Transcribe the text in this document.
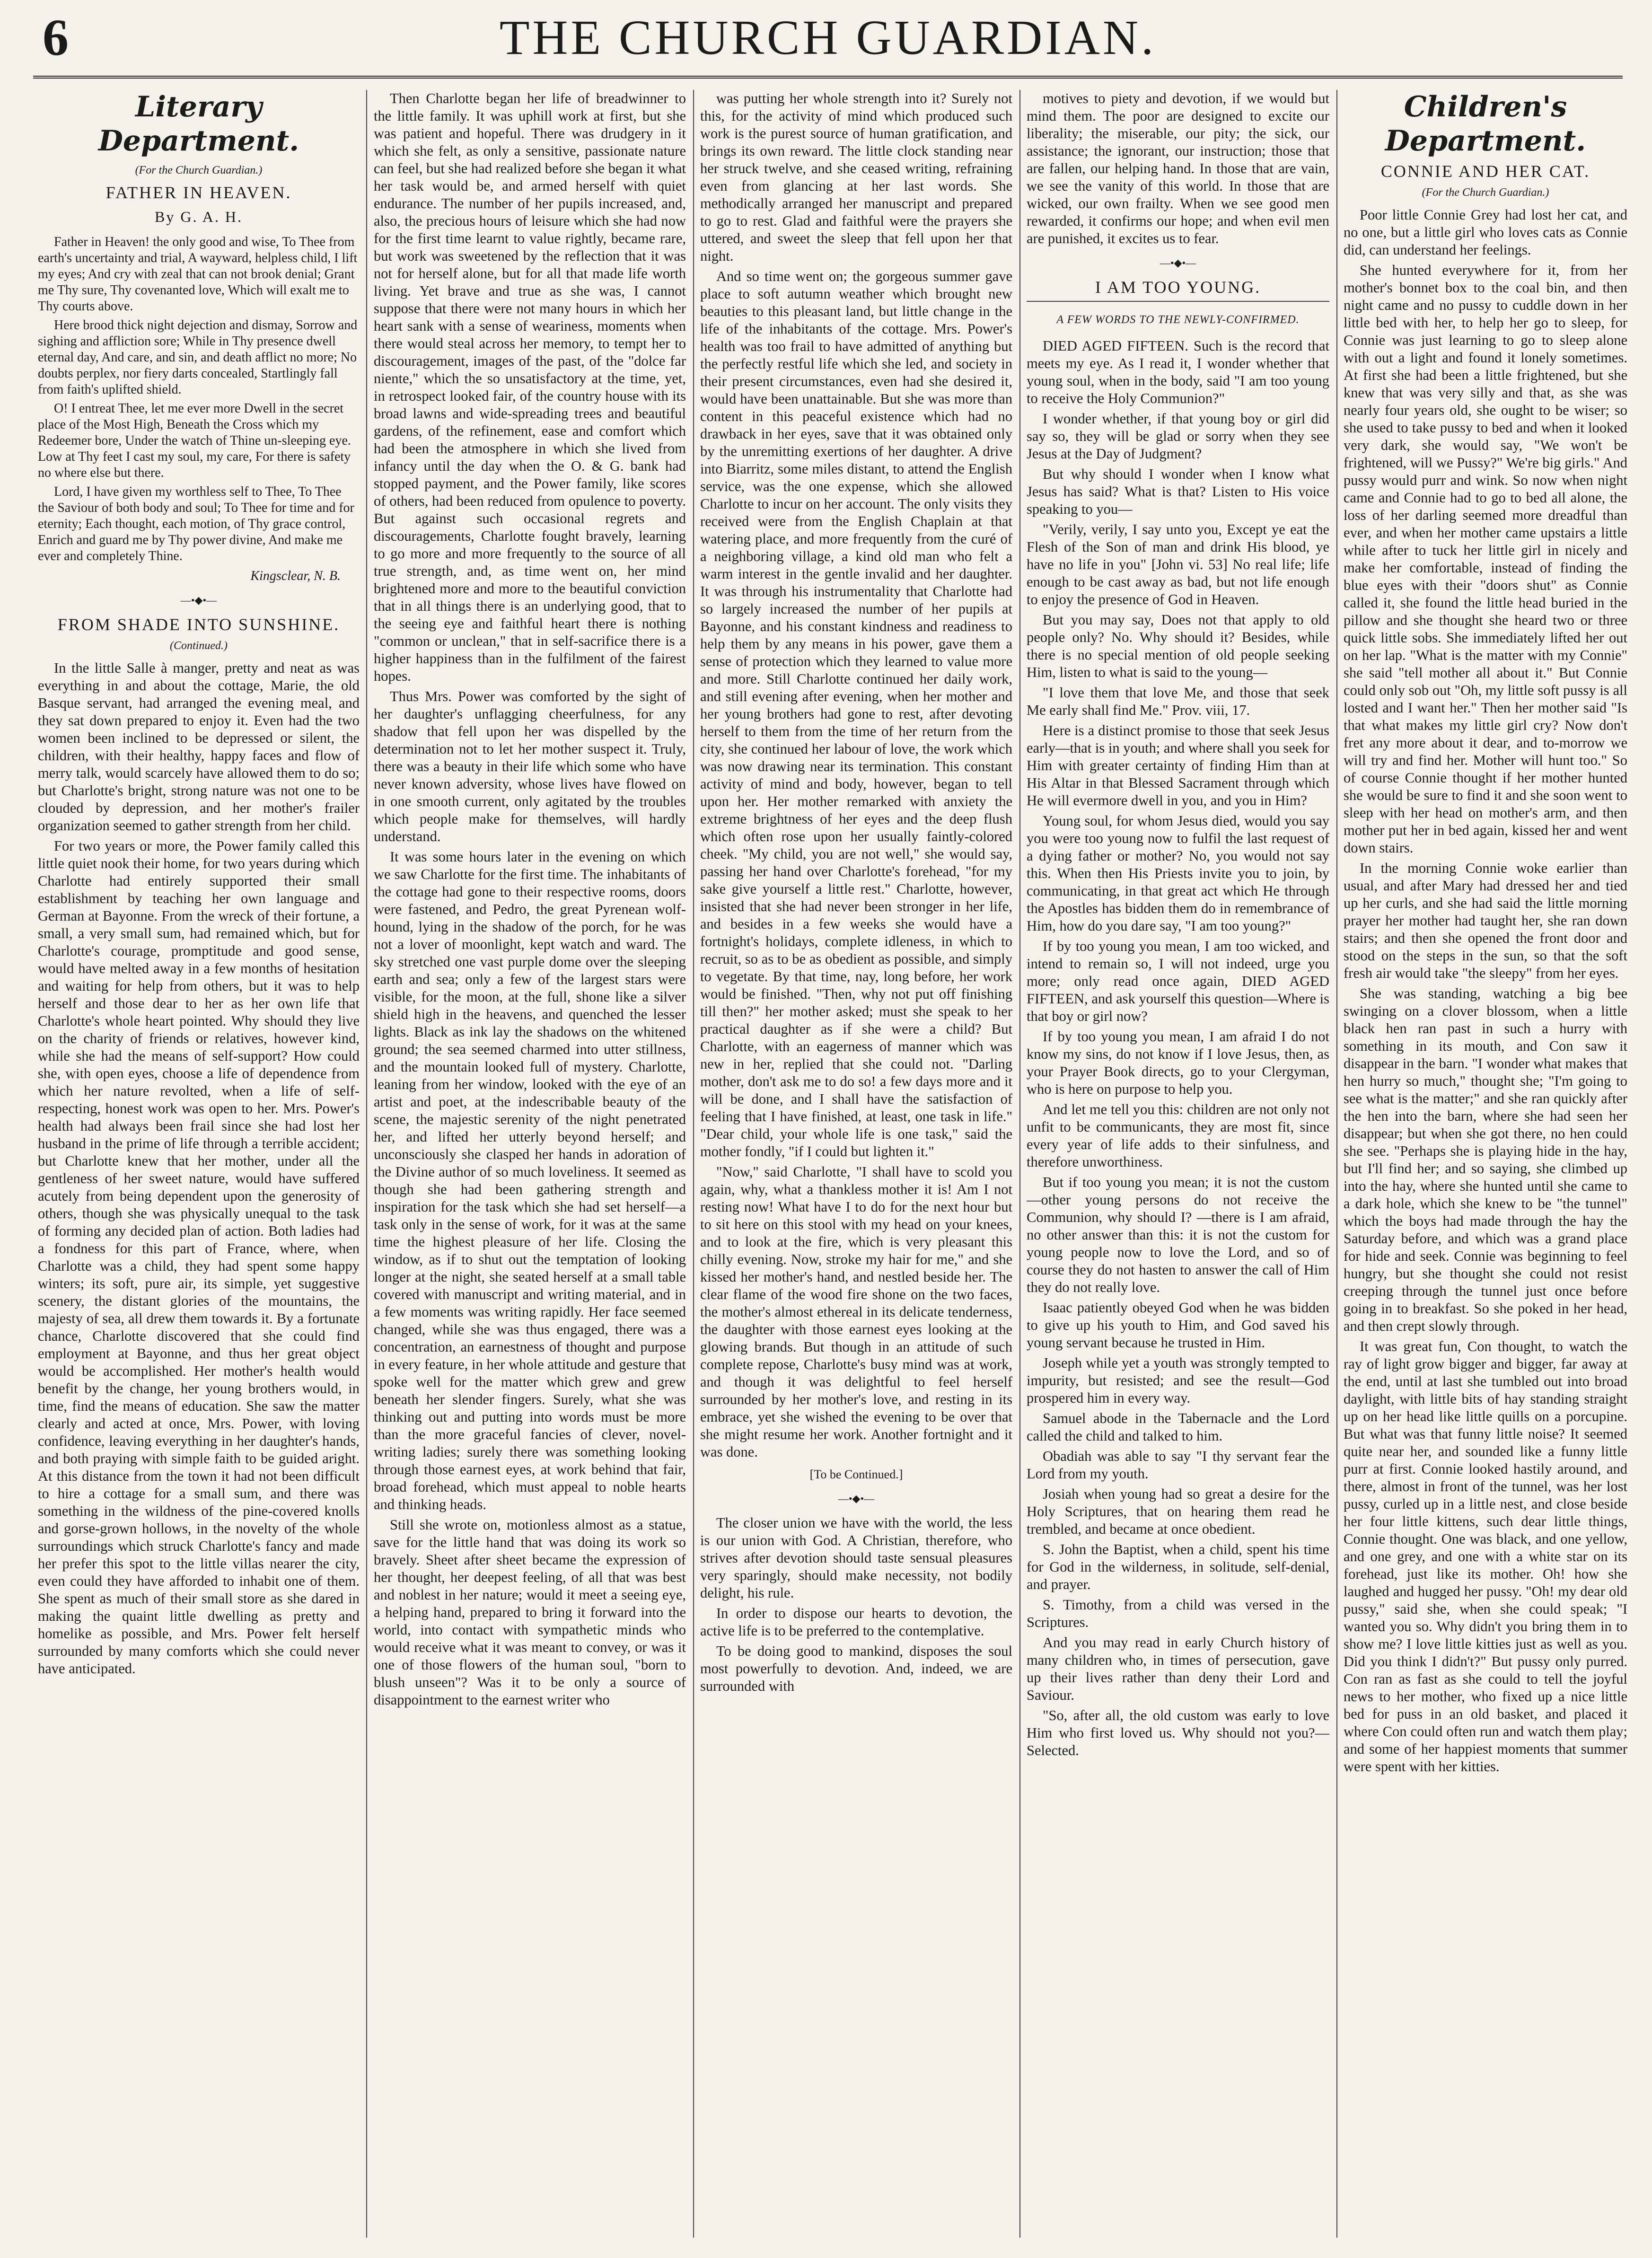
6	THE CHURCH GUARDIAN.
Literary Department.
(For the Church Guardian.)
FATHER IN HEAVEN.
By G. A. H.

Father in Heaven! the only good and wise, To Thee from earth's uncertainty and trial, A wayward, helpless child, I lift my eyes; And cry with zeal that can not brook denial; Grant me Thy sure, Thy covenanted love, Which will exalt me to Thy courts above.

Here brood thick night dejection and dismay, Sorrow and sighing and affliction sore; While in Thy presence dwell eternal day, And care, and sin, and death afflict no more; No doubts perplex, nor fiery darts concealed, Startlingly fall from faith's uplifted shield.

O! I entreat Thee, let me ever more Dwell in the secret place of the Most High, Beneath the Cross which my Redeemer bore, Under the watch of Thine un-sleeping eye. Low at Thy feet I cast my soul, my care, For there is safety no where else but there.

Lord, I have given my worthless self to Thee, To Thee the Saviour of both body and soul; To Thee for time and for eternity; Each thought, each motion, of Thy grace control, Enrich and guard me by Thy power divine, And make me ever and completely Thine.

Kingsclear, N. B.
—•◆•—
FROM SHADE INTO SUNSHINE.
(Continued.)

In the little Salle à manger, pretty and neat as was everything in and about the cottage, Marie, the old Basque servant, had arranged the evening meal, and they sat down prepared to enjoy it. Even had the two women been inclined to be depressed or silent, the children, with their healthy, happy faces and flow of merry talk, would scarcely have allowed them to do so; but Charlotte's bright, strong nature was not one to be clouded by depression, and her mother's frailer organization seemed to gather strength from her child.

For two years or more, the Power family called this little quiet nook their home, for two years during which Charlotte had entirely supported their small establishment by teaching her own language and German at Bayonne. From the wreck of their fortune, a small, a very small sum, had remained which, but for Charlotte's courage, promptitude and good sense, would have melted away in a few months of hesitation and waiting for help from others, but it was to help herself and those dear to her as her own life that Charlotte's whole heart pointed. Why should they live on the charity of friends or relatives, however kind, while she had the means of self-support? How could she, with open eyes, choose a life of dependence from which her nature revolted, when a life of self-respecting, honest work was open to her. Mrs. Power's health had always been frail since she had lost her husband in the prime of life through a terrible accident; but Charlotte knew that her mother, under all the gentleness of her sweet nature, would have suffered acutely from being dependent upon the generosity of others, though she was physically unequal to the task of forming any decided plan of action. Both ladies had a fondness for this part of France, where, when Charlotte was a child, they had spent some happy winters; its soft, pure air, its simple, yet suggestive scenery, the distant glories of the mountains, the majesty of sea, all drew them towards it. By a fortunate chance, Charlotte discovered that she could find employment at Bayonne, and thus her great object would be accomplished. Her mother's health would benefit by the change, her young brothers would, in time, find the means of education. She saw the matter clearly and acted at once, Mrs. Power, with loving confidence, leaving everything in her daughter's hands, and both praying with simple faith to be guided aright. At this distance from the town it had not been difficult to hire a cottage for a small sum, and there was something in the wildness of the pine-covered knolls and gorse-grown hollows, in the novelty of the whole surroundings which struck Charlotte's fancy and made her prefer this spot to the little villas nearer the city, even could they have afforded to inhabit one of them. She spent as much of their small store as she dared in making the quaint little dwelling as pretty and homelike as possible, and Mrs. Power felt herself surrounded by many comforts which she could never have anticipated.

Then Charlotte began her life of breadwinner to the little family. It was uphill work at first, but she was patient and hopeful. There was drudgery in it which she felt, as only a sensitive, passionate nature can feel, but she had realized before she began it what her task would be, and armed herself with quiet endurance. The number of her pupils increased, and, also, the precious hours of leisure which she had now for the first time learnt to value rightly, became rare, but work was sweetened by the reflection that it was not for herself alone, but for all that made life worth living. Yet brave and true as she was, I cannot suppose that there were not many hours in which her heart sank with a sense of weariness, moments when there would steal across her memory, to tempt her to discouragement, images of the past, of the "dolce far niente," which the so unsatisfactory at the time, yet, in retrospect looked fair, of the country house with its broad lawns and wide-spreading trees and beautiful gardens, of the refinement, ease and comfort which had been the atmosphere in which she lived from infancy until the day when the O. & G. bank had stopped payment, and the Power family, like scores of others, had been reduced from opulence to poverty. But against such occasional regrets and discouragements, Charlotte fought bravely, learning to go more and more frequently to the source of all true strength, and, as time went on, her mind brightened more and more to the beautiful conviction that in all things there is an underlying good, that to the seeing eye and faithful heart there is nothing "common or unclean," that in self-sacrifice there is a higher happiness than in the fulfilment of the fairest hopes.

Thus Mrs. Power was comforted by the sight of her daughter's unflagging cheerfulness, for any shadow that fell upon her was dispelled by the determination not to let her mother suspect it. Truly, there was a beauty in their life which some who have never known adversity, whose lives have flowed on in one smooth current, only agitated by the troubles which people make for themselves, will hardly understand.

It was some hours later in the evening on which we saw Charlotte for the first time. The inhabitants of the cottage had gone to their respective rooms, doors were fastened, and Pedro, the great Pyrenean wolf-hound, lying in the shadow of the porch, for he was not a lover of moonlight, kept watch and ward. The sky stretched one vast purple dome over the sleeping earth and sea; only a few of the largest stars were visible, for the moon, at the full, shone like a silver shield high in the heavens, and quenched the lesser lights. Black as ink lay the shadows on the whitened ground; the sea seemed charmed into utter stillness, and the mountain looked full of mystery. Charlotte, leaning from her window, looked with the eye of an artist and poet, at the indescribable beauty of the scene, the majestic serenity of the night penetrated her, and lifted her utterly beyond herself; and unconsciously she clasped her hands in adoration of the Divine author of so much loveliness. It seemed as though she had been gathering strength and inspiration for the task which she had set herself—a task only in the sense of work, for it was at the same time the highest pleasure of her life. Closing the window, as if to shut out the temptation of looking longer at the night, she seated herself at a small table covered with manuscript and writing material, and in a few moments was writing rapidly. Her face seemed changed, while she was thus engaged, there was a concentration, an earnestness of thought and purpose in every feature, in her whole attitude and gesture that spoke well for the matter which grew and grew beneath her slender fingers. Surely, what she was thinking out and putting into words must be more than the more graceful fancies of clever, novel-writing ladies; surely there was something looking through those earnest eyes, at work behind that fair, broad forehead, which must appeal to noble hearts and thinking heads.

Still she wrote on, motionless almost as a statue, save for the little hand that was doing its work so bravely. Sheet after sheet became the expression of her thought, her deepest feeling, of all that was best and noblest in her nature; would it meet a seeing eye, a helping hand, prepared to bring it forward into the world, into contact with sympathetic minds who would receive what it was meant to convey, or was it one of those flowers of the human soul, "born to blush unseen"? Was it to be only a source of disappointment to the earnest writer who

was putting her whole strength into it? Surely not this, for the activity of mind which produced such work is the purest source of human gratification, and brings its own reward. The little clock standing near her struck twelve, and she ceased writing, refraining even from glancing at her last words. She methodically arranged her manuscript and prepared to go to rest. Glad and faithful were the prayers she uttered, and sweet the sleep that fell upon her that night.

And so time went on; the gorgeous summer gave place to soft autumn weather which brought new beauties to this pleasant land, but little change in the life of the inhabitants of the cottage. Mrs. Power's health was too frail to have admitted of anything but the perfectly restful life which she led, and society in their present circumstances, even had she desired it, would have been unattainable. But she was more than content in this peaceful existence which had no drawback in her eyes, save that it was obtained only by the unremitting exertions of her daughter. A drive into Biarritz, some miles distant, to attend the English service, was the one expense, which she allowed Charlotte to incur on her account. The only visits they received were from the English Chaplain at that watering place, and more frequently from the curé of a neighboring village, a kind old man who felt a warm interest in the gentle invalid and her daughter. It was through his instrumentality that Charlotte had so largely increased the number of her pupils at Bayonne, and his constant kindness and readiness to help them by any means in his power, gave them a sense of protection which they learned to value more and more. Still Charlotte continued her daily work, and still evening after evening, when her mother and her young brothers had gone to rest, after devoting herself to them from the time of her return from the city, she continued her labour of love, the work which was now drawing near its termination. This constant activity of mind and body, however, began to tell upon her. Her mother remarked with anxiety the extreme brightness of her eyes and the deep flush which often rose upon her usually faintly-colored cheek. "My child, you are not well," she would say, passing her hand over Charlotte's forehead, "for my sake give yourself a little rest." Charlotte, however, insisted that she had never been stronger in her life, and besides in a few weeks she would have a fortnight's holidays, complete idleness, in which to recruit, so as to be as obedient as possible, and simply to vegetate. By that time, nay, long before, her work would be finished. "Then, why not put off finishing till then?" her mother asked; must she speak to her practical daughter as if she were a child? But Charlotte, with an eagerness of manner which was new in her, replied that she could not. "Darling mother, don't ask me to do so! a few days more and it will be done, and I shall have the satisfaction of feeling that I have finished, at least, one task in life." "Dear child, your whole life is one task," said the mother fondly, "if I could but lighten it."

"Now," said Charlotte, "I shall have to scold you again, why, what a thankless mother it is! Am I not resting now! What have I to do for the next hour but to sit here on this stool with my head on your knees, and to look at the fire, which is very pleasant this chilly evening. Now, stroke my hair for me," and she kissed her mother's hand, and nestled beside her. The clear flame of the wood fire shone on the two faces, the mother's almost ethereal in its delicate tenderness, the daughter with those earnest eyes looking at the glowing brands. But though in an attitude of such complete repose, Charlotte's busy mind was at work, and though it was delightful to feel herself surrounded by her mother's love, and resting in its embrace, yet she wished the evening to be over that she might resume her work. Another fortnight and it was done.

[To be Continued.]
—•◆•—

The closer union we have with the world, the less is our union with God. A Christian, therefore, who strives after devotion should taste sensual pleasures very sparingly, should make necessity, not bodily delight, his rule.

In order to dispose our hearts to devotion, the active life is to be preferred to the contemplative.

To be doing good to mankind, disposes the soul most powerfully to devotion. And, indeed, we are surrounded with

motives to piety and devotion, if we would but mind them. The poor are designed to excite our liberality; the miserable, our pity; the sick, our assistance; the ignorant, our instruction; those that are fallen, our helping hand. In those that are vain, we see the vanity of this world. In those that are wicked, our own frailty. When we see good men rewarded, it confirms our hope; and when evil men are punished, it excites us to fear.

—•◆•—
I AM TOO YOUNG.
A FEW WORDS TO THE NEWLY-CONFIRMED.

DIED AGED FIFTEEN. Such is the record that meets my eye. As I read it, I wonder whether that young soul, when in the body, said "I am too young to receive the Holy Communion?"

I wonder whether, if that young boy or girl did say so, they will be glad or sorry when they see Jesus at the Day of Judgment?

But why should I wonder when I know what Jesus has said? What is that? Listen to His voice speaking to you—

"Verily, verily, I say unto you, Except ye eat the Flesh of the Son of man and drink His blood, ye have no life in you" [John vi. 53] No real life; life enough to be cast away as bad, but not life enough to enjoy the presence of God in Heaven.

But you may say, Does not that apply to old people only? No. Why should it? Besides, while there is no special mention of old people seeking Him, listen to what is said to the young—

"I love them that love Me, and those that seek Me early shall find Me." Prov. viii, 17.

Here is a distinct promise to those that seek Jesus early—that is in youth; and where shall you seek for Him with greater certainty of finding Him than at His Altar in that Blessed Sacrament through which He will evermore dwell in you, and you in Him?

Young soul, for whom Jesus died, would you say you were too young now to fulfil the last request of a dying father or mother? No, you would not say this. When then His Priests invite you to join, by communicating, in that great act which He through the Apostles has bidden them do in remembrance of Him, how do you dare say, "I am too young?"

If by too young you mean, I am too wicked, and intend to remain so, I will not indeed, urge you more; only read once again, DIED AGED FIFTEEN, and ask yourself this question—Where is that boy or girl now?

If by too young you mean, I am afraid I do not know my sins, do not know if I love Jesus, then, as your Prayer Book directs, go to your Clergyman, who is here on purpose to help you.

And let me tell you this: children are not only not unfit to be communicants, they are most fit, since every year of life adds to their sinfulness, and therefore unworthiness.

But if too young you mean; it is not the custom—other young persons do not receive the Communion, why should I? —there is I am afraid, no other answer than this: it is not the custom for young people now to love the Lord, and so of course they do not hasten to answer the call of Him they do not really love.

Isaac patiently obeyed God when he was bidden to give up his youth to Him, and God saved his young servant because he trusted in Him.

Joseph while yet a youth was strongly tempted to impurity, but resisted; and see the result—God prospered him in every way.

Samuel abode in the Tabernacle and the Lord called the child and talked to him.

Obadiah was able to say "I thy servant fear the Lord from my youth.

Josiah when young had so great a desire for the Holy Scriptures, that on hearing them read he trembled, and became at once obedient.

S. John the Baptist, when a child, spent his time for God in the wilderness, in solitude, self-denial, and prayer.

S. Timothy, from a child was versed in the Scriptures.

And you may read in early Church history of many children who, in times of persecution, gave up their lives rather than deny their Lord and Saviour.

"So, after all, the old custom was early to love Him who first loved us. Why should not you?—Selected.

Children's Department.
CONNIE AND HER CAT.
(For the Church Guardian.)

Poor little Connie Grey had lost her cat, and no one, but a little girl who loves cats as Connie did, can understand her feelings.

She hunted everywhere for it, from her mother's bonnet box to the coal bin, and then night came and no pussy to cuddle down in her little bed with her, to help her go to sleep, for Connie was just learning to go to sleep alone with out a light and found it lonely sometimes. At first she had been a little frightened, but she knew that was very silly and that, as she was nearly four years old, she ought to be wiser; so she used to take pussy to bed and when it looked very dark, she would say, "We won't be frightened, will we Pussy?" We're big girls." And pussy would purr and wink. So now when night came and Connie had to go to bed all alone, the loss of her darling seemed more dreadful than ever, and when her mother came upstairs a little while after to tuck her little girl in nicely and make her comfortable, instead of finding the blue eyes with their "doors shut" as Connie called it, she found the little head buried in the pillow and she thought she heard two or three quick little sobs. She immediately lifted her out on her lap. "What is the matter with my Connie" she said "tell mother all about it." But Connie could only sob out "Oh, my little soft pussy is all losted and I want her." Then her mother said "Is that what makes my little girl cry? Now don't fret any more about it dear, and to-morrow we will try and find her. Mother will hunt too." So of course Connie thought if her mother hunted she would be sure to find it and she soon went to sleep with her head on mother's arm, and then mother put her in bed again, kissed her and went down stairs.

In the morning Connie woke earlier than usual, and after Mary had dressed her and tied up her curls, and she had said the little morning prayer her mother had taught her, she ran down stairs; and then she opened the front door and stood on the steps in the sun, so that the soft fresh air would take "the sleepy" from her eyes.

She was standing, watching a big bee swinging on a clover blossom, when a little black hen ran past in such a hurry with something in its mouth, and Con saw it disappear in the barn. "I wonder what makes that hen hurry so much," thought she; "I'm going to see what is the matter;" and she ran quickly after the hen into the barn, where she had seen her disappear; but when she got there, no hen could she see. "Perhaps she is playing hide in the hay, but I'll find her; and so saying, she climbed up into the hay, where she hunted until she came to a dark hole, which she knew to be "the tunnel" which the boys had made through the hay the Saturday before, and which was a grand place for hide and seek. Connie was beginning to feel hungry, but she thought she could not resist creeping through the tunnel just once before going in to breakfast. So she poked in her head, and then crept slowly through.

It was great fun, Con thought, to watch the ray of light grow bigger and bigger, far away at the end, until at last she tumbled out into broad daylight, with little bits of hay standing straight up on her head like little quills on a porcupine. But what was that funny little noise? It seemed quite near her, and sounded like a funny little purr at first. Connie looked hastily around, and there, almost in front of the tunnel, was her lost pussy, curled up in a little nest, and close beside her four little kittens, such dear little things, Connie thought. One was black, and one yellow, and one grey, and one with a white star on its forehead, just like its mother. Oh! how she laughed and hugged her pussy. "Oh! my dear old pussy," said she, when she could speak; "I wanted you so. Why didn't you bring them in to show me? I love little kitties just as well as you. Did you think I didn't?" But pussy only purred. Con ran as fast as she could to tell the joyful news to her mother, who fixed up a nice little bed for puss in an old basket, and placed it where Con could often run and watch them play; and some of her happiest moments that summer were spent with her kitties.
